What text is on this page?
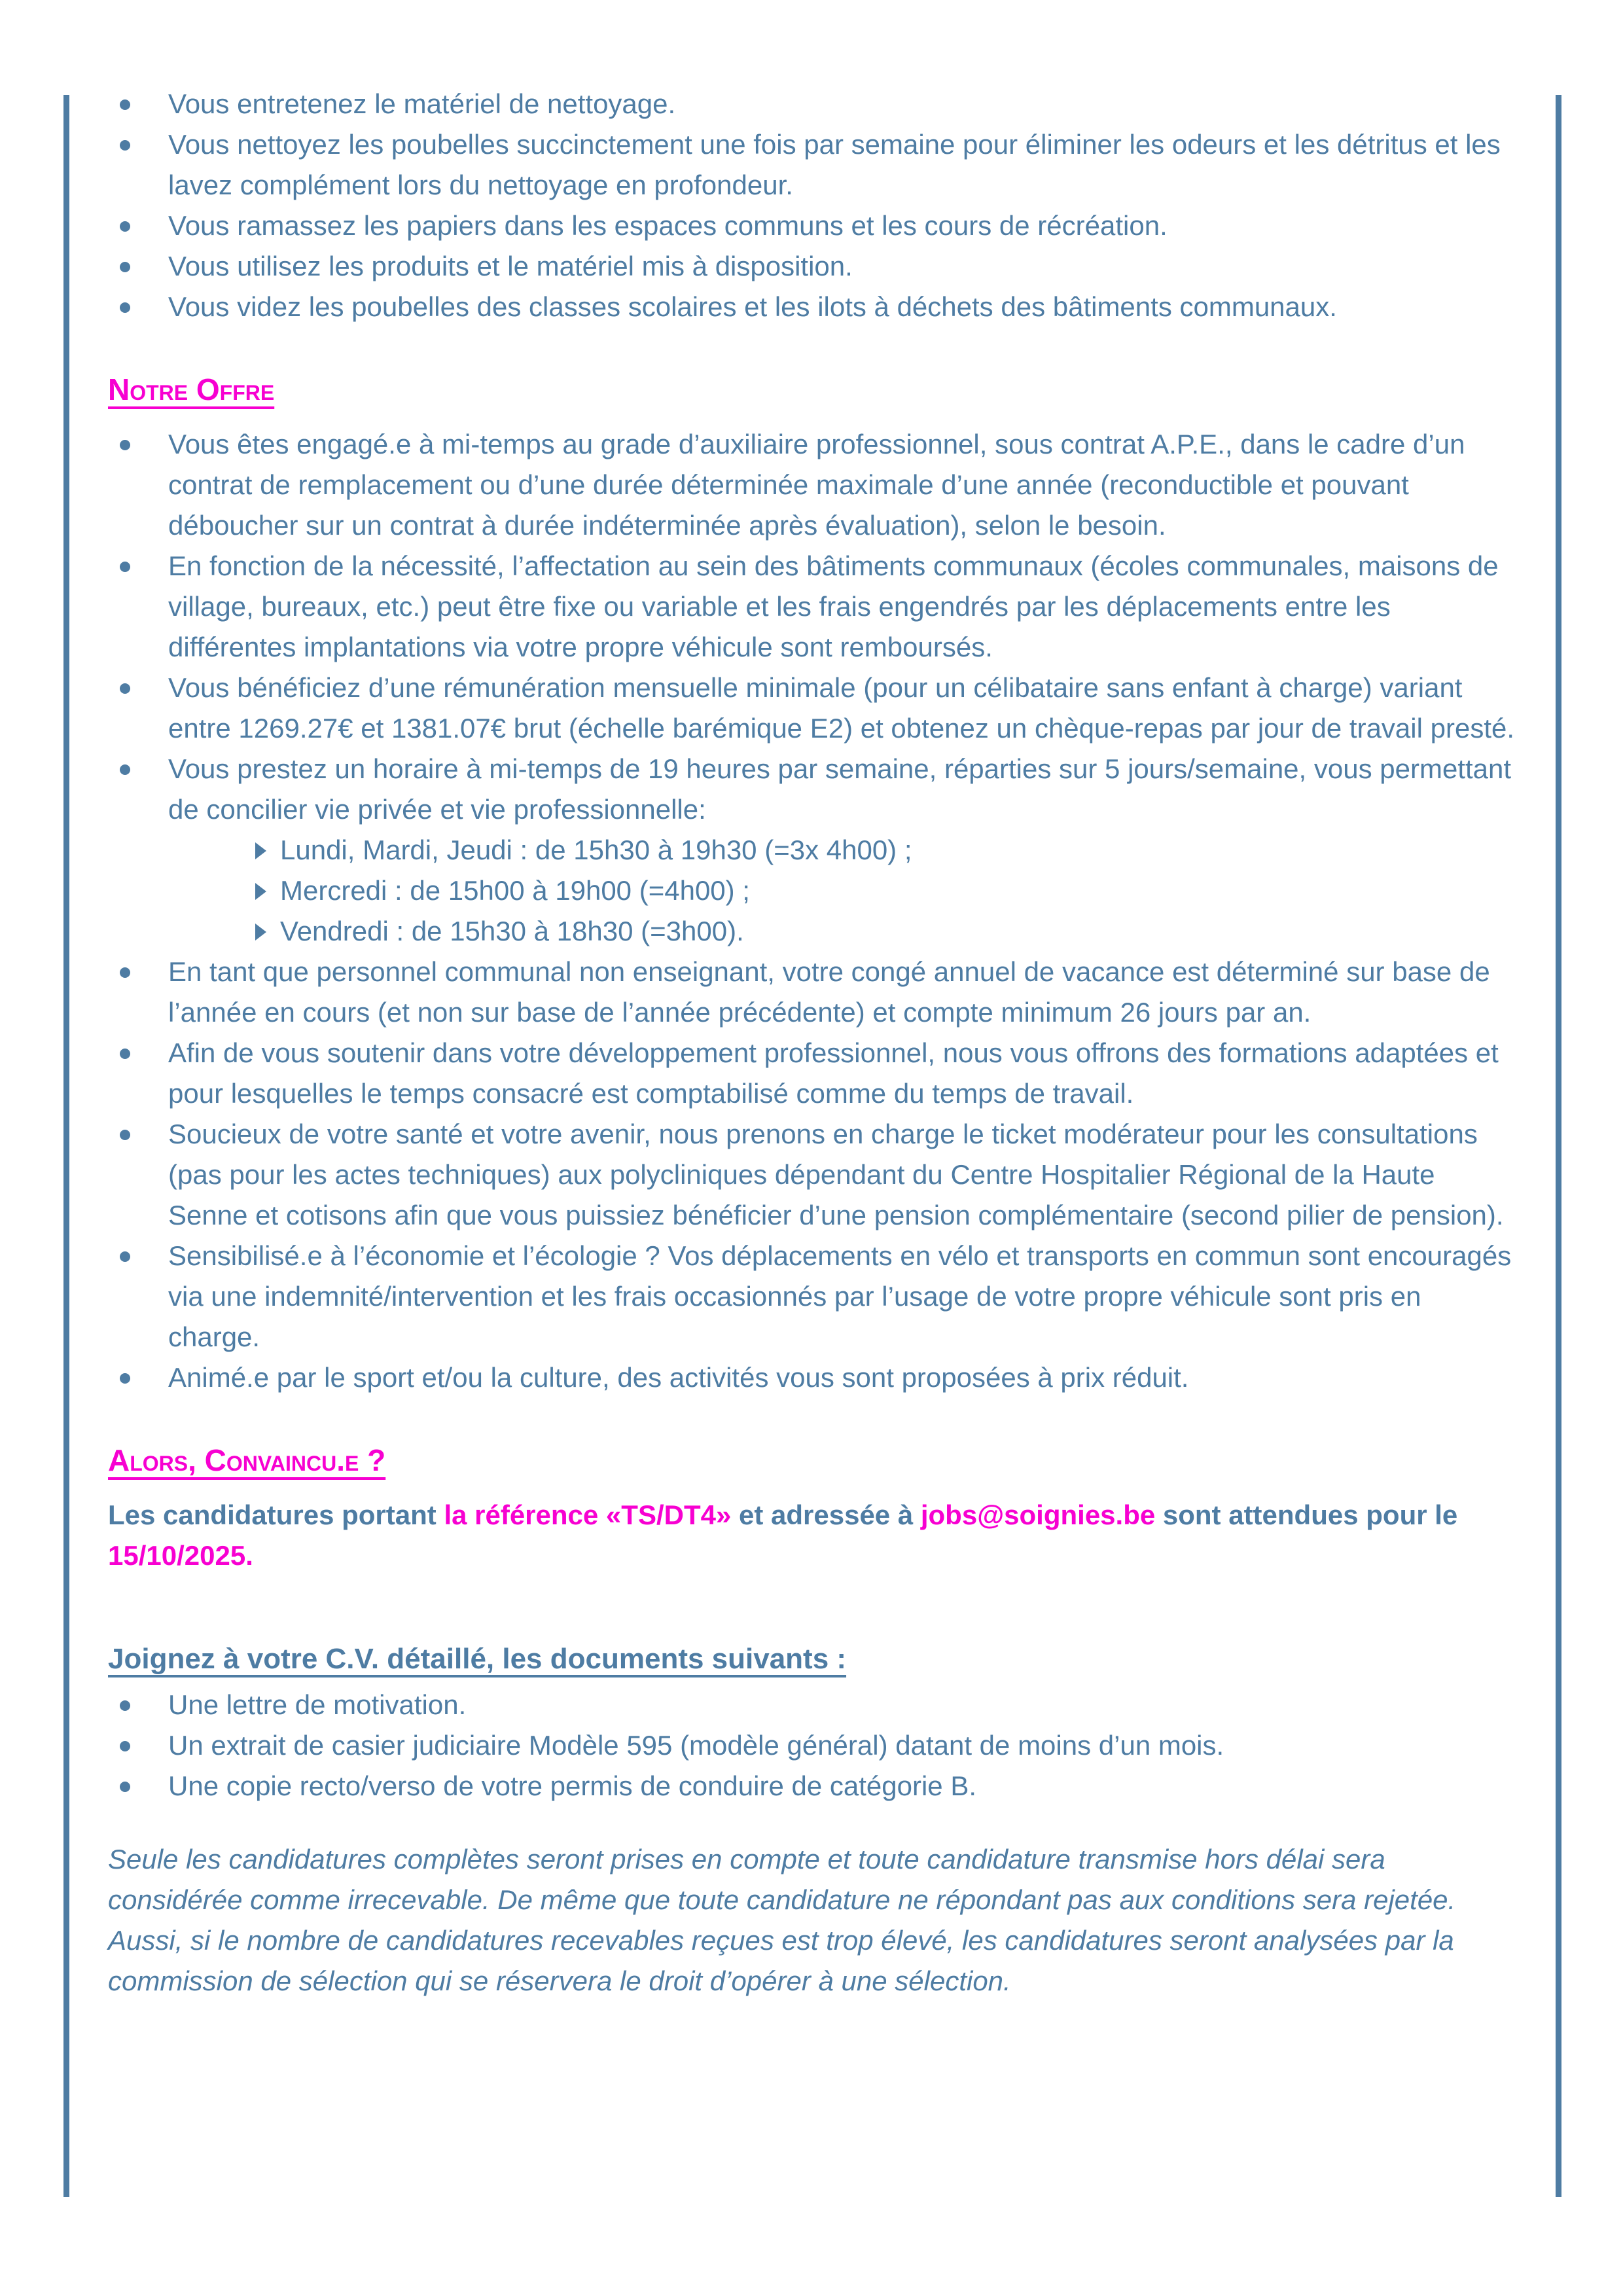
Vous entretenez le matériel de nettoyage.
Vous nettoyez les poubelles succinctement une fois par semaine pour éliminer les odeurs et les détritus et les lavez complément lors du nettoyage en profondeur.
Vous ramassez les papiers dans les espaces communs et les cours de récréation.
Vous utilisez les produits et le matériel mis à disposition.
Vous videz les poubelles des classes scolaires et les ilots à déchets des bâtiments communaux.
Notre Offre
Vous êtes engagé.e à mi-temps au grade d’auxiliaire professionnel, sous contrat A.P.E., dans le cadre d’un contrat de remplacement ou d’une durée déterminée maximale d’une année (reconductible et pouvant déboucher sur un contrat à durée indéterminée après évaluation), selon le besoin.
En fonction de la nécessité, l’affectation au sein des bâtiments communaux (écoles communales, maisons de village, bureaux, etc.) peut être fixe ou variable et les frais engendrés par les déplacements entre les différentes implantations via votre propre véhicule sont remboursés.
Vous bénéficiez d’une rémunération mensuelle minimale (pour un célibataire sans enfant à charge) variant entre 1269.27€ et 1381.07€ brut (échelle barémique E2) et obtenez un chèque-repas par jour de travail presté.
Vous prestez un horaire à mi-temps de 19 heures par semaine, réparties sur 5 jours/semaine, vous permettant de concilier vie privée et vie professionnelle:
Lundi, Mardi, Jeudi : de 15h30 à 19h30 (=3x 4h00) ;
Mercredi : de 15h00 à 19h00 (=4h00) ;
Vendredi : de 15h30 à 18h30 (=3h00).
En tant que personnel communal non enseignant, votre congé annuel de vacance est déterminé sur base de l’année en cours (et non sur base de l’année précédente) et compte minimum 26 jours par an.
Afin de vous soutenir dans votre développement professionnel, nous vous offrons des formations adaptées et pour lesquelles le temps consacré est comptabilisé comme du temps de travail.
Soucieux de votre santé et votre avenir, nous prenons en charge le ticket modérateur pour les consultations (pas pour les actes techniques) aux polycliniques dépendant du Centre Hospitalier Régional de la Haute Senne et cotisons afin que vous puissiez bénéficier d’une pension complémentaire (second pilier de pension).
Sensibilisé.e à l’économie et l’écologie ? Vos déplacements en vélo et transports en commun sont encouragés via une indemnité/intervention et les frais occasionnés par l’usage de votre propre véhicule sont pris en charge.
Animé.e par le sport et/ou la culture, des activités vous sont proposées à prix réduit.
Alors, Convaincu.e ?

Les candidatures portant la référence «TS/DT4» et adressée à jobs@soignies.be sont attendues pour le 15/10/2025.

Joignez à votre C.V. détaillé, les documents suivants :
Une lettre de motivation.
Un extrait de casier judiciaire Modèle 595 (modèle général) datant de moins d’un mois.
Une copie recto/verso de votre permis de conduire de catégorie B.

Seule les candidatures complètes seront prises en compte et toute candidature transmise hors délai sera considérée comme irrecevable. De même que toute candidature ne répondant pas aux conditions sera rejetée. Aussi, si le nombre de candidatures recevables reçues est trop élevé, les candidatures seront analysées par la commission de sélection qui se réservera le droit d’opérer à une sélection.
